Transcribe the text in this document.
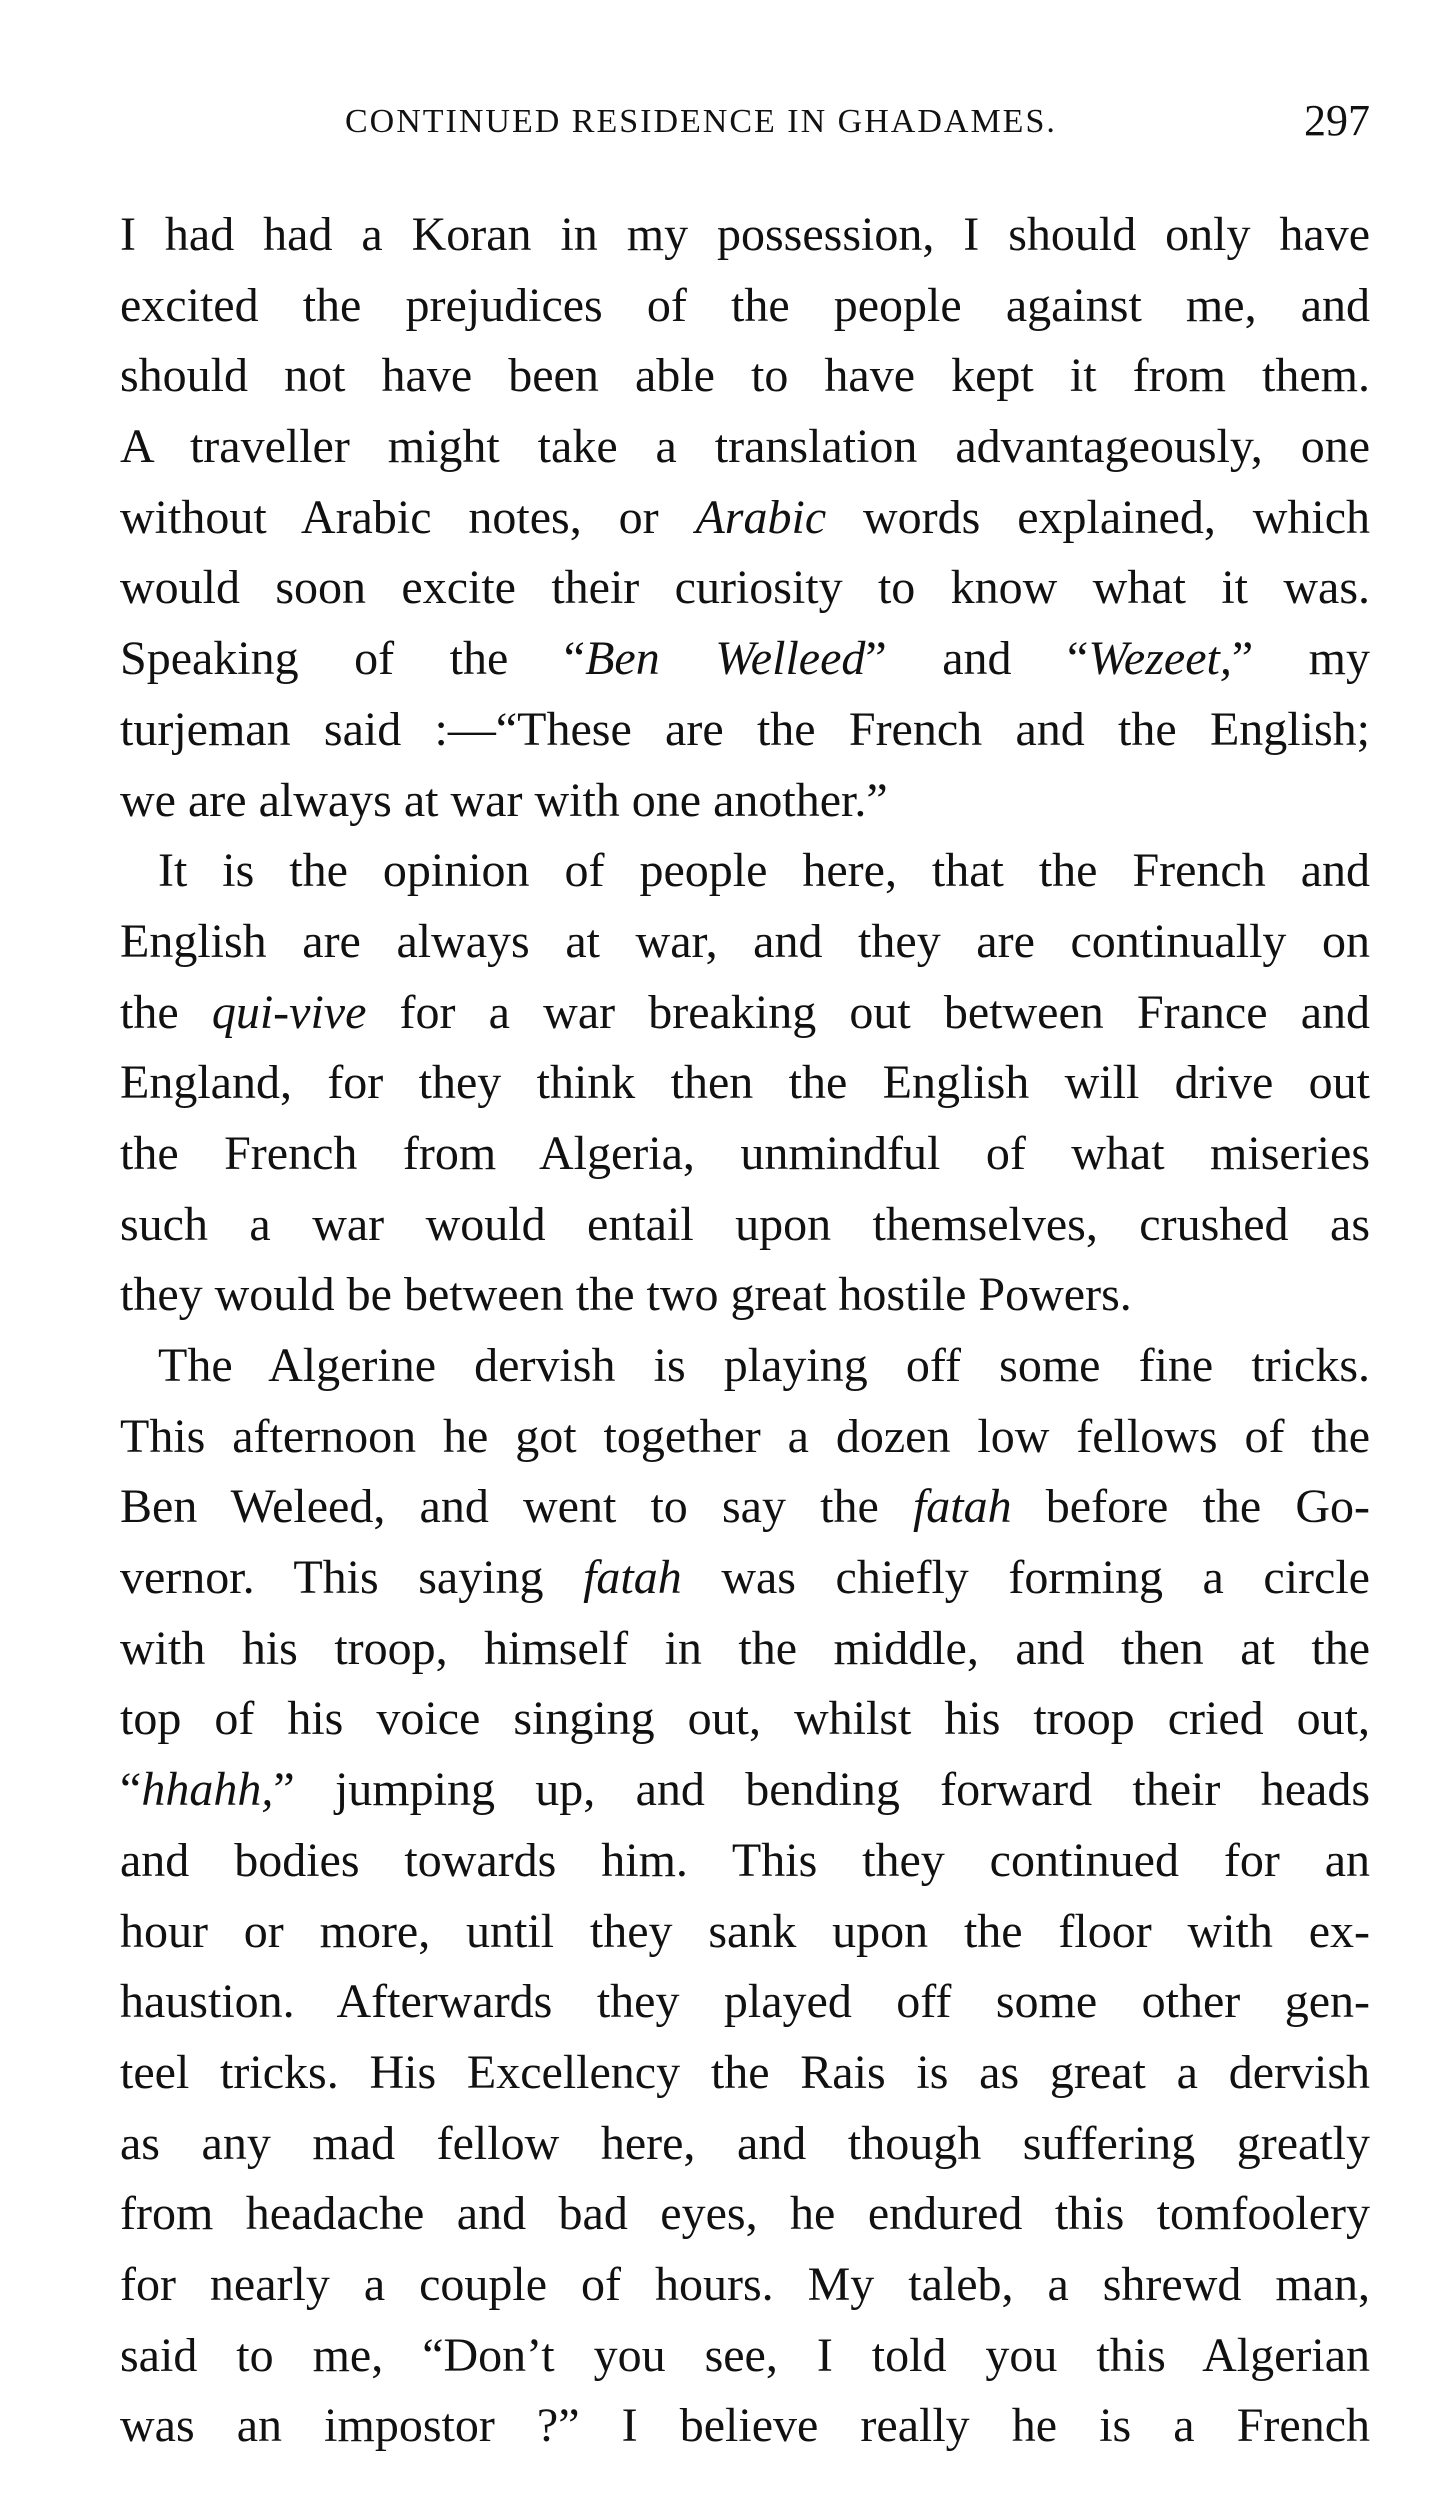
CONTINUED RESIDENCE IN GHADAMES.	297
I had had a Koran in my possession, I should only have
excited the prejudices of the people against me, and
should not have been able to have kept it from them.
A traveller might take a translation advantageously, one
without Arabic notes, or Arabic words explained, which
would soon excite their curiosity to know what it was.
Speaking of the “Ben Welleed” and “Wezeet,” my
turjeman said :—“These are the French and the English;
we are always at war with one another.”
It is the opinion of people here, that the French and
English are always at war, and they are continually on
the qui-vive for a war breaking out between France and
England, for they think then the English will drive out
the French from Algeria, unmindful of what miseries
such a war would entail upon themselves, crushed as
they would be between the two great hostile Powers.
The Algerine dervish is playing off some fine tricks.
This afternoon he got together a dozen low fellows of the
Ben Weleed, and went to say the fatah before the Go-
vernor. This saying fatah was chiefly forming a circle
with his troop, himself in the middle, and then at the
top of his voice singing out, whilst his troop cried out,
“hhahh,” jumping up, and bending forward their heads
and bodies towards him. This they continued for an
hour or more, until they sank upon the floor with ex-
haustion. Afterwards they played off some other gen-
teel tricks. His Excellency the Rais is as great a dervish
as any mad fellow here, and though suffering greatly
from headache and bad eyes, he endured this tomfoolery
for nearly a couple of hours. My taleb, a shrewd man,
said to me, “Don’t you see, I told you this Algerian
was an impostor ?” I believe really he is a French
